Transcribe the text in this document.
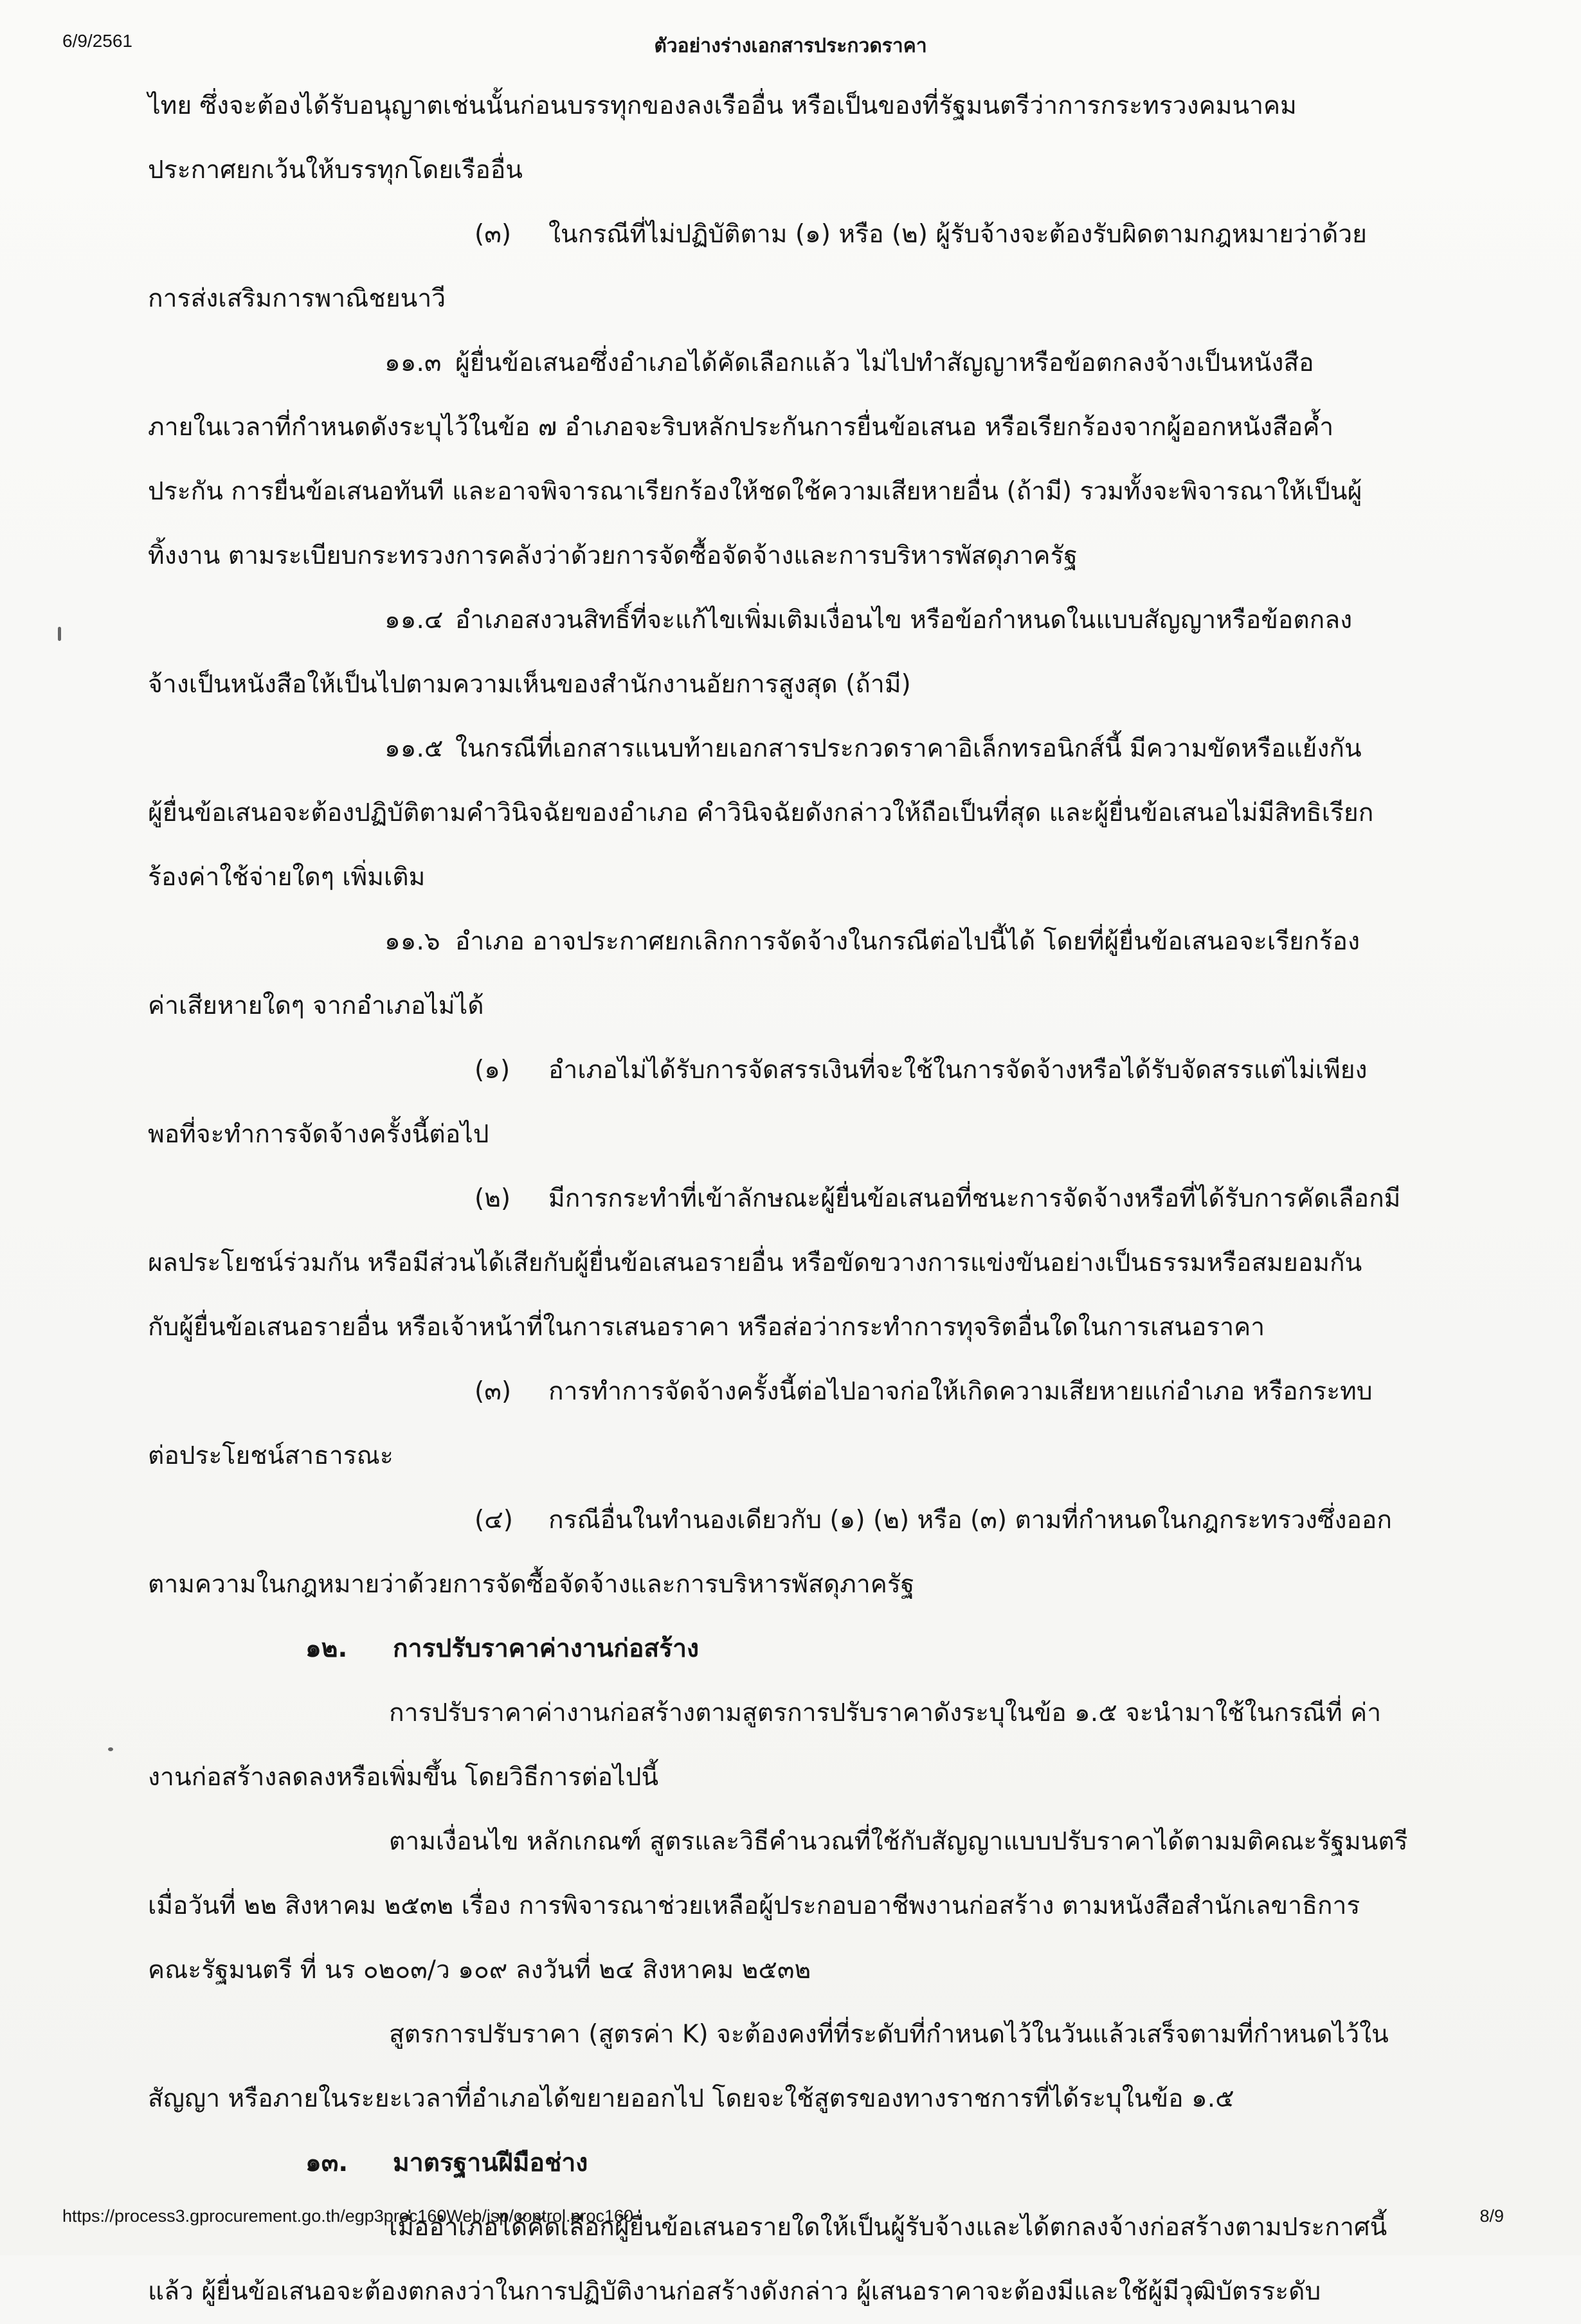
6/9/2561	ตัวอย่างร่างเอกสารประกวดราคา

ไทย ซึ่งจะต้องได้รับอนุญาตเช่นนั้นก่อนบรรทุกของลงเรืออื่น หรือเป็นของที่รัฐมนตรีว่าการกระทรวงคมนาคม

ประกาศยกเว้นให้บรรทุกโดยเรืออื่น

(๓) ในกรณีที่ไม่ปฏิบัติตาม (๑) หรือ (๒) ผู้รับจ้างจะต้องรับผิดตามกฎหมายว่าด้วย

การส่งเสริมการพาณิชยนาวี

๑๑.๓ ผู้ยื่นข้อเสนอซึ่งอำเภอได้คัดเลือกแล้ว ไม่ไปทำสัญญาหรือข้อตกลงจ้างเป็นหนังสือ

ภายในเวลาที่กำหนดดังระบุไว้ในข้อ ๗ อำเภอจะริบหลักประกันการยื่นข้อเสนอ หรือเรียกร้องจากผู้ออกหนังสือค้ำ

ประกัน การยื่นข้อเสนอทันที และอาจพิจารณาเรียกร้องให้ชดใช้ความเสียหายอื่น (ถ้ามี) รวมทั้งจะพิจารณาให้เป็นผู้

ทิ้งงาน ตามระเบียบกระทรวงการคลังว่าด้วยการจัดซื้อจัดจ้างและการบริหารพัสดุภาครัฐ

๑๑.๔ อำเภอสงวนสิทธิ์ที่จะแก้ไขเพิ่มเติมเงื่อนไข หรือข้อกำหนดในแบบสัญญาหรือข้อตกลง

จ้างเป็นหนังสือให้เป็นไปตามความเห็นของสำนักงานอัยการสูงสุด (ถ้ามี)

๑๑.๕ ในกรณีที่เอกสารแนบท้ายเอกสารประกวดราคาอิเล็กทรอนิกส์นี้ มีความขัดหรือแย้งกัน

ผู้ยื่นข้อเสนอจะต้องปฏิบัติตามคำวินิจฉัยของอำเภอ คำวินิจฉัยดังกล่าวให้ถือเป็นที่สุด และผู้ยื่นข้อเสนอไม่มีสิทธิเรียก

ร้องค่าใช้จ่ายใดๆ เพิ่มเติม

๑๑.๖ อำเภอ อาจประกาศยกเลิกการจัดจ้างในกรณีต่อไปนี้ได้ โดยที่ผู้ยื่นข้อเสนอจะเรียกร้อง

ค่าเสียหายใดๆ จากอำเภอไม่ได้

(๑) อำเภอไม่ได้รับการจัดสรรเงินที่จะใช้ในการจัดจ้างหรือได้รับจัดสรรแต่ไม่เพียง

พอที่จะทำการจัดจ้างครั้งนี้ต่อไป

(๒) มีการกระทำที่เข้าลักษณะผู้ยื่นข้อเสนอที่ชนะการจัดจ้างหรือที่ได้รับการคัดเลือกมี

ผลประโยชน์ร่วมกัน หรือมีส่วนได้เสียกับผู้ยื่นข้อเสนอรายอื่น หรือขัดขวางการแข่งขันอย่างเป็นธรรมหรือสมยอมกัน

กับผู้ยื่นข้อเสนอรายอื่น หรือเจ้าหน้าที่ในการเสนอราคา หรือส่อว่ากระทำการทุจริตอื่นใดในการเสนอราคา

(๓) การทำการจัดจ้างครั้งนี้ต่อไปอาจก่อให้เกิดความเสียหายแก่อำเภอ หรือกระทบ

ต่อประโยชน์สาธารณะ

(๔) กรณีอื่นในทำนองเดียวกับ (๑) (๒) หรือ (๓) ตามที่กำหนดในกฎกระทรวงซึ่งออก

ตามความในกฎหมายว่าด้วยการจัดซื้อจัดจ้างและการบริหารพัสดุภาครัฐ

๑๒. การปรับราคาค่างานก่อสร้าง

การปรับราคาค่างานก่อสร้างตามสูตรการปรับราคาดังระบุในข้อ ๑.๕ จะนำมาใช้ในกรณีที่ ค่า

งานก่อสร้างลดลงหรือเพิ่มขึ้น โดยวิธีการต่อไปนี้

ตามเงื่อนไข หลักเกณฑ์ สูตรและวิธีคำนวณที่ใช้กับสัญญาแบบปรับราคาได้ตามมติคณะรัฐมนตรี

เมื่อวันที่ ๒๒ สิงหาคม ๒๕๓๒ เรื่อง การพิจารณาช่วยเหลือผู้ประกอบอาชีพงานก่อสร้าง ตามหนังสือสำนักเลขาธิการ

คณะรัฐมนตรี ที่ นร ๐๒๐๓/ว ๑๐๙ ลงวันที่ ๒๔ สิงหาคม ๒๕๓๒

สูตรการปรับราคา (สูตรค่า K) จะต้องคงที่ที่ระดับที่กำหนดไว้ในวันแล้วเสร็จตามที่กำหนดไว้ใน

สัญญา หรือภายในระยะเวลาที่อำเภอได้ขยายออกไป โดยจะใช้สูตรของทางราชการที่ได้ระบุในข้อ ๑.๕

๑๓. มาตรฐานฝีมือช่าง

เมื่ออำเภอได้คัดเลือกผู้ยื่นข้อเสนอรายใดให้เป็นผู้รับจ้างและได้ตกลงจ้างก่อสร้างตามประกาศนี้

แล้ว ผู้ยื่นข้อเสนอจะต้องตกลงว่าในการปฏิบัติงานก่อสร้างดังกล่าว ผู้เสนอราคาจะต้องมีและใช้ผู้มีวุฒิบัตรระดับ

https://process3.gprocurement.go.th/egp3proc160Web/jsp/control.proc160	8/9
